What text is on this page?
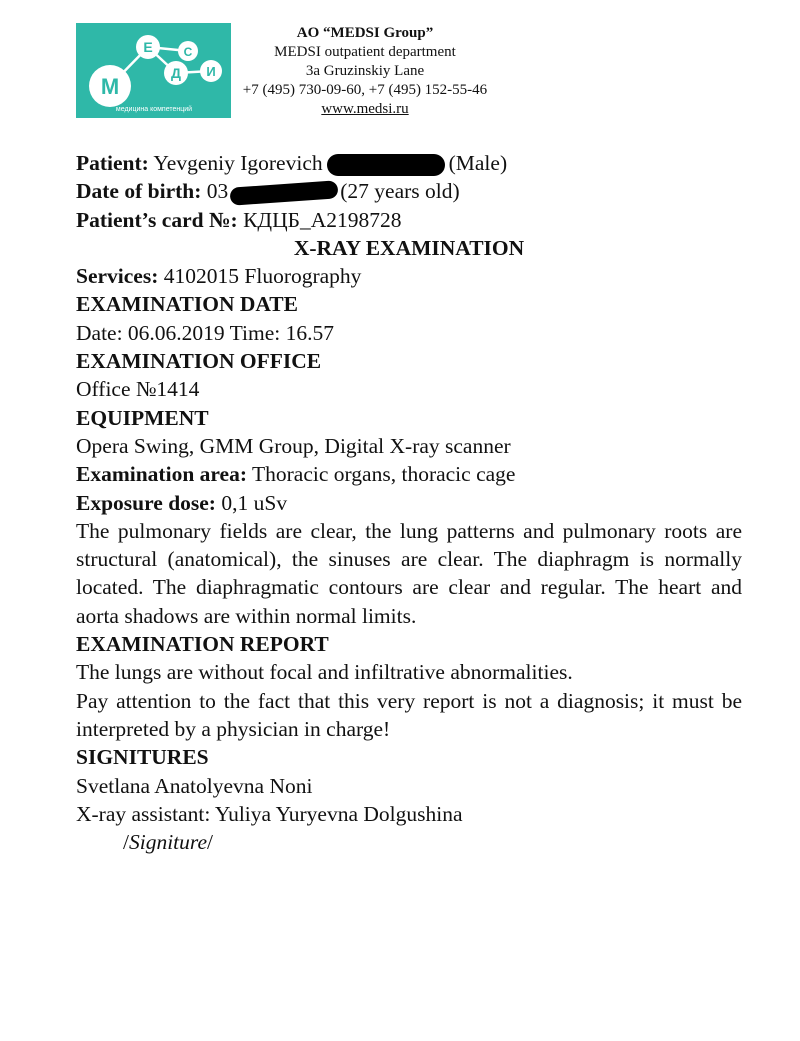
М
Е
Д
С
И
медицина компетенций
AO “MEDSI Group”
MEDSI outpatient department
3a Gruzinskiy Lane
+7 (495) 730-09-60, +7 (495) 152-55-46
www.medsi.ru
Patient: Yevgeniy Igorevich	(Male)
Date of birth: 03	(27 years old)
Patient’s card №: КДЦБ_А2198728
X-RAY EXAMINATION
Services: 4102015 Fluorography
EXAMINATION DATE
Date: 06.06.2019 Time: 16.57
EXAMINATION OFFICE
Office №1414
EQUIPMENT
Opera Swing, GMM Group, Digital X-ray scanner
Examination area: Thoracic organs, thoracic cage
Exposure dose: 0,1 uSv
The pulmonary fields are clear, the lung patterns and pulmonary roots are structural (anatomical), the sinuses are clear. The diaphragm is normally located. The diaphragmatic contours are clear and regular. The heart and aorta shadows are within normal limits.
EXAMINATION REPORT
The lungs are without focal and infiltrative abnormalities.
Pay attention to the fact that this very report is not a diagnosis; it must be interpreted by a physician in charge!
SIGNITURES
Svetlana Anatolyevna Noni
X-ray assistant: Yuliya Yuryevna Dolgushina
/Signiture/
